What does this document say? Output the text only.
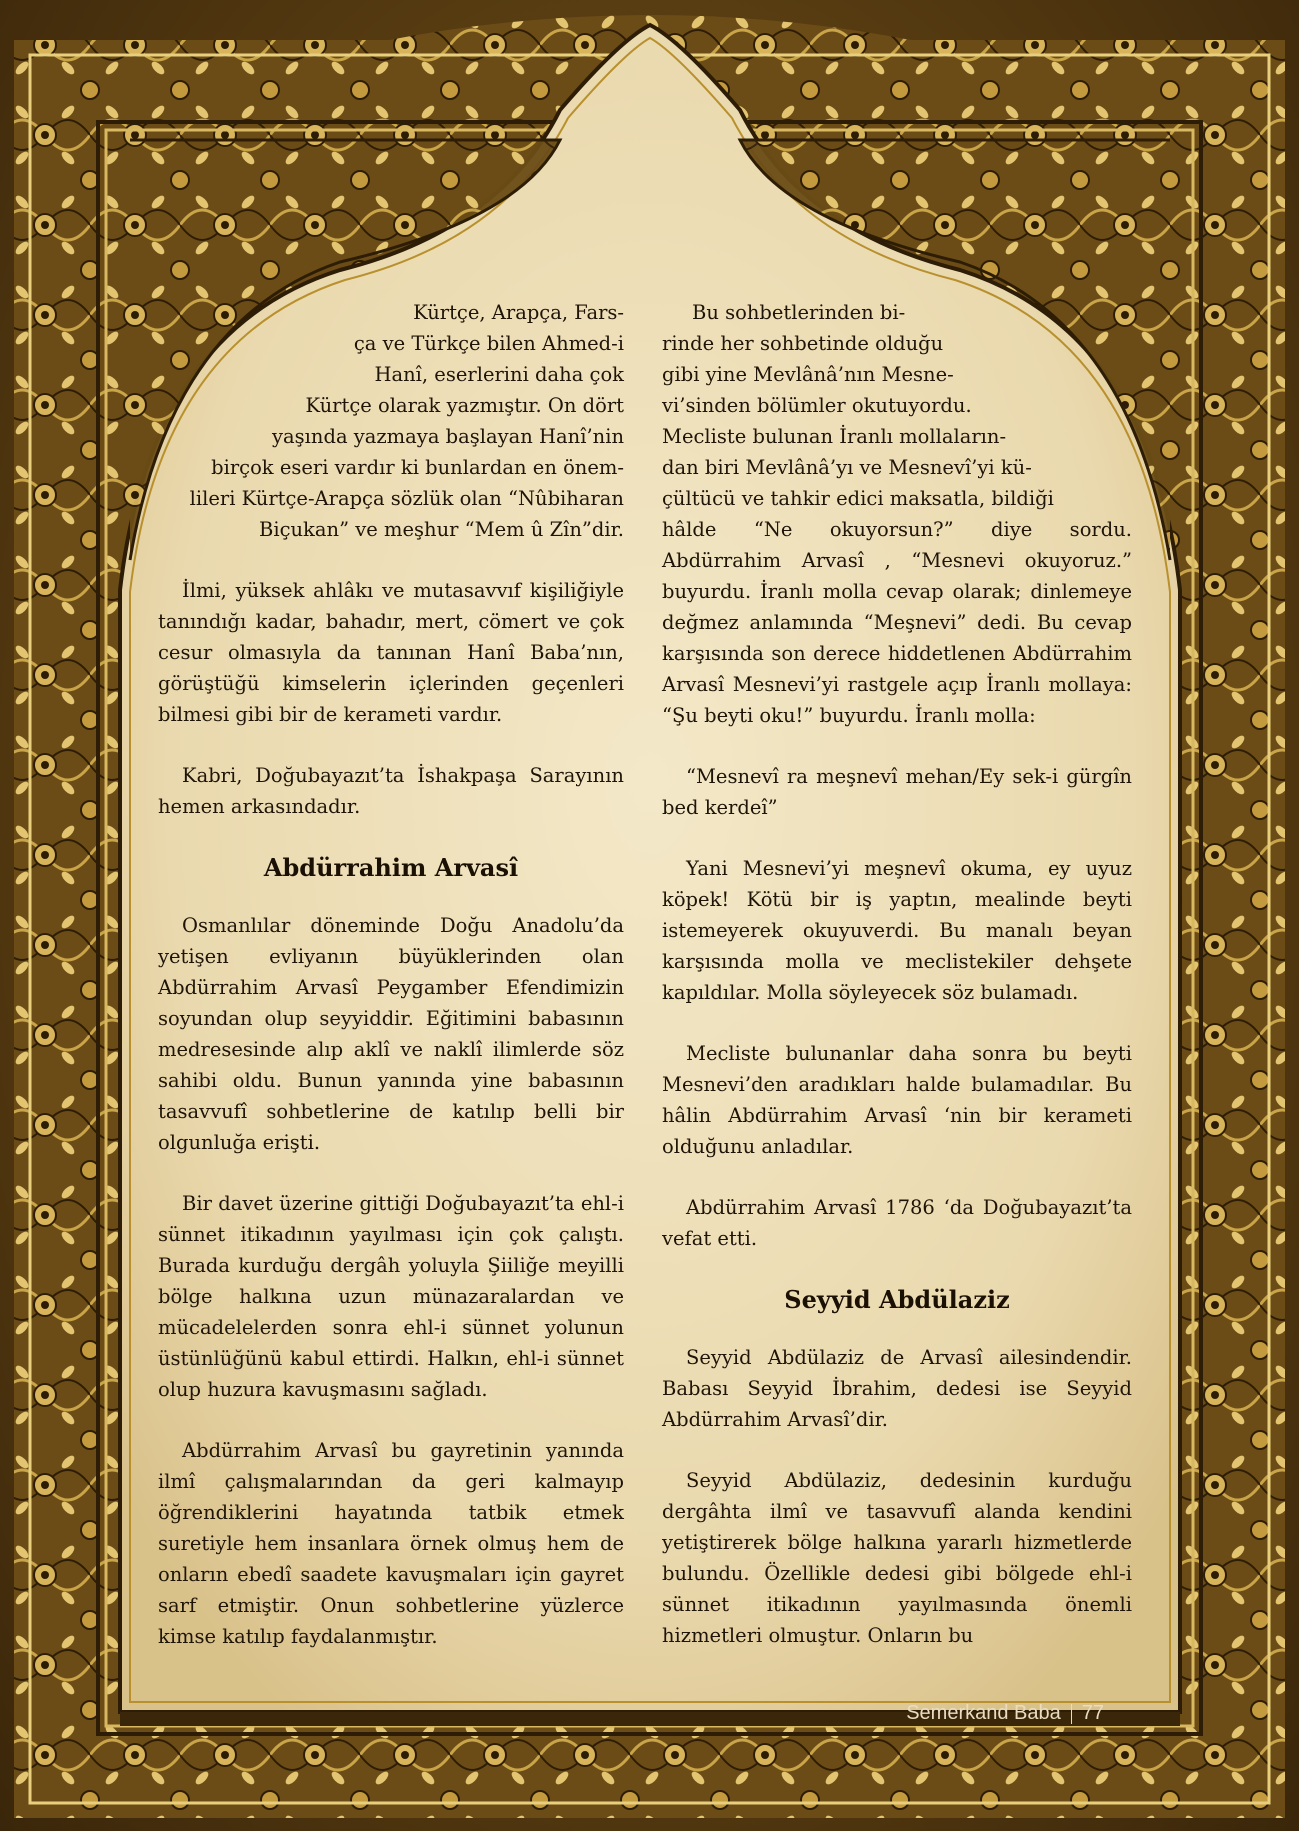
Kürtçe, Arapça, Fars-
ça ve Türkçe bilen Ahmed-i
Hanî, eserlerini daha çok
Kürtçe olarak yazmıştır. On dört
yaşında yazmaya başlayan Hanî’nin
birçok eseri vardır ki bunlardan en önem-
lileri Kürtçe-Arapça sözlük olan “Nûbiharan
Biçukan” ve meşhur “Mem û Zîn”dir.

İlmi, yüksek ahlâkı ve mutasavvıf kişiliğiyle tanındığı kadar, bahadır, mert, cömert ve çok cesur olmasıyla da tanınan Hanî Baba’nın, görüştüğü kimselerin içlerinden geçenleri bilmesi gibi bir de kerameti vardır.

Kabri, Doğubayazıt’ta İshakpaşa Sarayının hemen arkasındadır.

Abdürrahim Arvasî

Osmanlılar döneminde Doğu Anadolu’da yetişen evliyanın büyüklerinden olan Abdürrahim Arvasî Peygamber Efendimizin soyundan olup seyyiddir. Eğitimini babasının medresesinde alıp aklî ve naklî ilimlerde söz sahibi oldu. Bunun yanında yine babasının tasavvufî sohbetlerine de katılıp belli bir olgunluğa erişti.

Bir davet üzerine gittiği Doğubayazıt’ta ehl-i sünnet itikadının yayılması için çok çalıştı. Burada kurduğu dergâh yoluyla Şiiliğe meyilli bölge halkına uzun münazaralardan ve mücadelelerden sonra ehl-i sünnet yolunun üstünlüğünü kabul ettirdi. Halkın, ehl-i sünnet olup huzura kavuşmasını sağladı.

Abdürrahim Arvasî bu gayretinin yanında ilmî çalışmalarından da geri kalmayıp öğrendiklerini hayatında tatbik etmek suretiyle hem insanlara örnek olmuş hem de onların ebedî saadete kavuşmaları için gayret sarf etmiştir. Onun sohbetlerine yüzlerce kimse katılıp faydalanmıştır.

Bu sohbetlerinden bi-
rinde her sohbetinde olduğu
gibi yine Mevlânâ’nın Mesne-
vi’sinden bölümler okutuyordu.
Mecliste bulunan İranlı mollaların-
dan biri Mevlânâ’yı ve Mesnevî’yi kü-
çültücü ve tahkir edici maksatla, bildiği

hâlde “Ne okuyorsun?” diye sordu. Abdürrahim Arvasî , “Mesnevi okuyoruz.” buyurdu. İranlı molla cevap olarak; dinlemeye değmez anlamında “Meşnevi” dedi. Bu cevap karşısında son derece hiddetlenen Abdürrahim Arvasî Mesnevi’yi rastgele açıp İranlı mollaya: “Şu beyti oku!” buyurdu. İranlı molla:

“Mesnevî ra meşnevî mehan/Ey sek-i gürgîn bed kerdeî”

Yani Mesnevi’yi meşnevî okuma, ey uyuz köpek! Kötü bir iş yaptın, mealinde beyti istemeyerek okuyuverdi. Bu manalı beyan karşısında molla ve meclistekiler dehşete kapıldılar. Molla söyleyecek söz bulamadı.

Mecliste bulunanlar daha sonra bu beyti Mesnevi’den aradıkları halde bulamadılar. Bu hâlin Abdürrahim Arvasî ‘nin bir kerameti olduğunu anladılar.

Abdürrahim Arvasî 1786 ‘da Doğubayazıt’ta vefat etti.

Seyyid Abdülaziz

Seyyid Abdülaziz de Arvasî ailesindendir. Babası Seyyid İbrahim, dedesi ise Seyyid Abdürrahim Arvasî’dir.

Seyyid Abdülaziz, dedesinin kurduğu dergâhta ilmî ve tasavvufî alanda kendini yetiştirerek bölge halkına yararlı hizmetlerde bulundu. Özellikle dedesi gibi bölgede ehl-i sünnet itikadının yayılmasında önemli hizmetleri olmuştur. Onların bu

Semerkand Baba 77
